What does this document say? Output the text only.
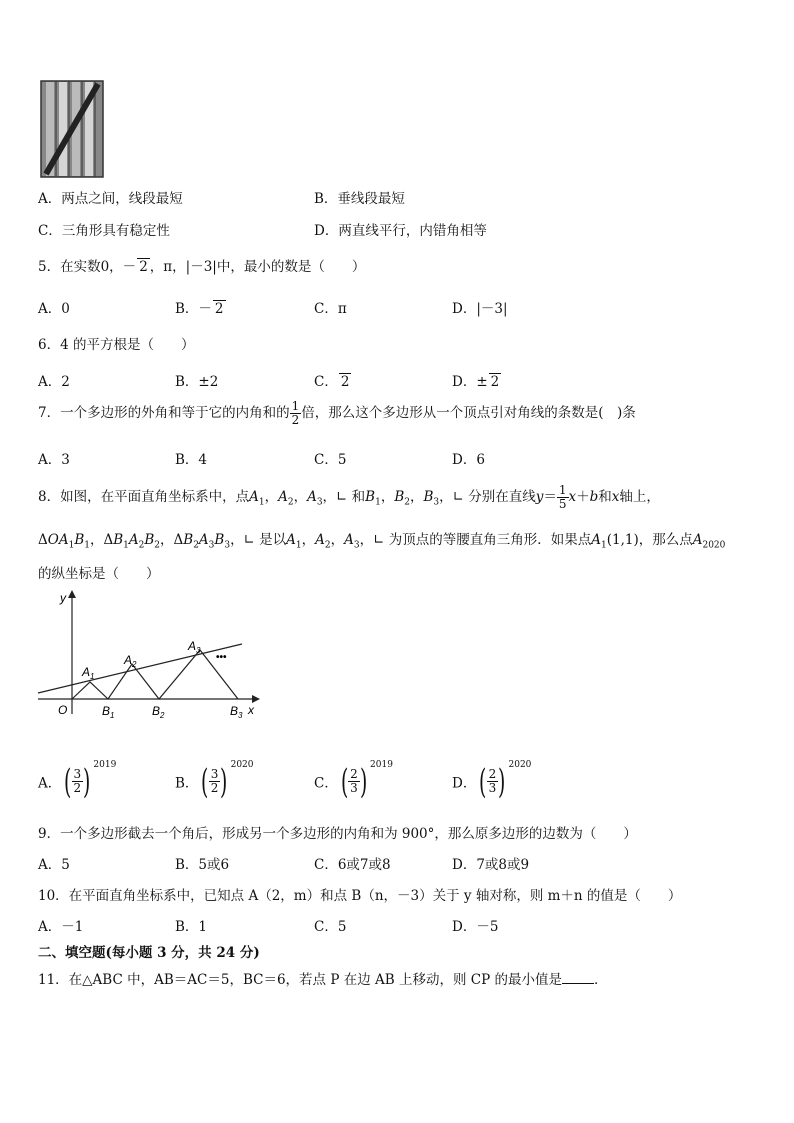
A．两点之间，线段最短	B．垂线段最短
C．三角形具有稳定性	D．两直线平行，内错角相等
5．在实数0，－ 2 ，π，|－3|中，最小的数是（　　）
A．0	B．－ 2	C．π	D．|－3|
6．4 的平方根是（　　）
A．2	B．±2	C． 2	D．± 2
7．一个多边形的外角和等于它的内角和的 $\frac{1}{2}$ 倍，那么这个多边形从一个顶点引对角线的条数是(　)条
A．3	B．4	C．5	D．6
8．如图，在平面直角坐标系中，点$A_1$，$A_2$，$A_3$，∟ 和$B_1$，$B_2$，$B_3$，∟ 分别在直线$y= \frac{1}{5} x+b$和x轴上，
$\Delta OA_1B_1$，$\Delta B_1A_2B_2$，$\Delta B_2A_3B_3$，∟ 是以$A_1$，$A_2$，$A_3$，∟ 为顶点的等腰直角三角形．如果点$A_1(1,1)$，那么点$A_{2020}$
的纵坐标是（　　）
y
x
O
$A_1$
$A_2$
$A_3$
$B_1$	$B_2$	$B_3$
•••
A．( $\frac{3}{2}$ ) $^{2019}$
B．( $\frac{3}{2}$ ) $^{2020}$
C．( $\frac{2}{3}$ ) $^{2019}$
D．( $\frac{2}{3}$ ) $^{2020}$
9．一个多边形截去一个角后，形成另一个多边形的内角和为 900°，那么原多边形的边数为（　　）
A．5	B．5或6	C．6或7或8	D．7或8或9
10．在平面直角坐标系中，已知点 A（2，m）和点 B（n，－3）关于 y 轴对称，则 m＋n 的值是（　　）
A．－1	B．1	C．5	D．－5
二、填空题(每小题 3 分，共 24 分)
11．在△ABC 中，AB＝AC＝5，BC＝6，若点 P 在边 AB 上移动，则 CP 的最小值是 ．
